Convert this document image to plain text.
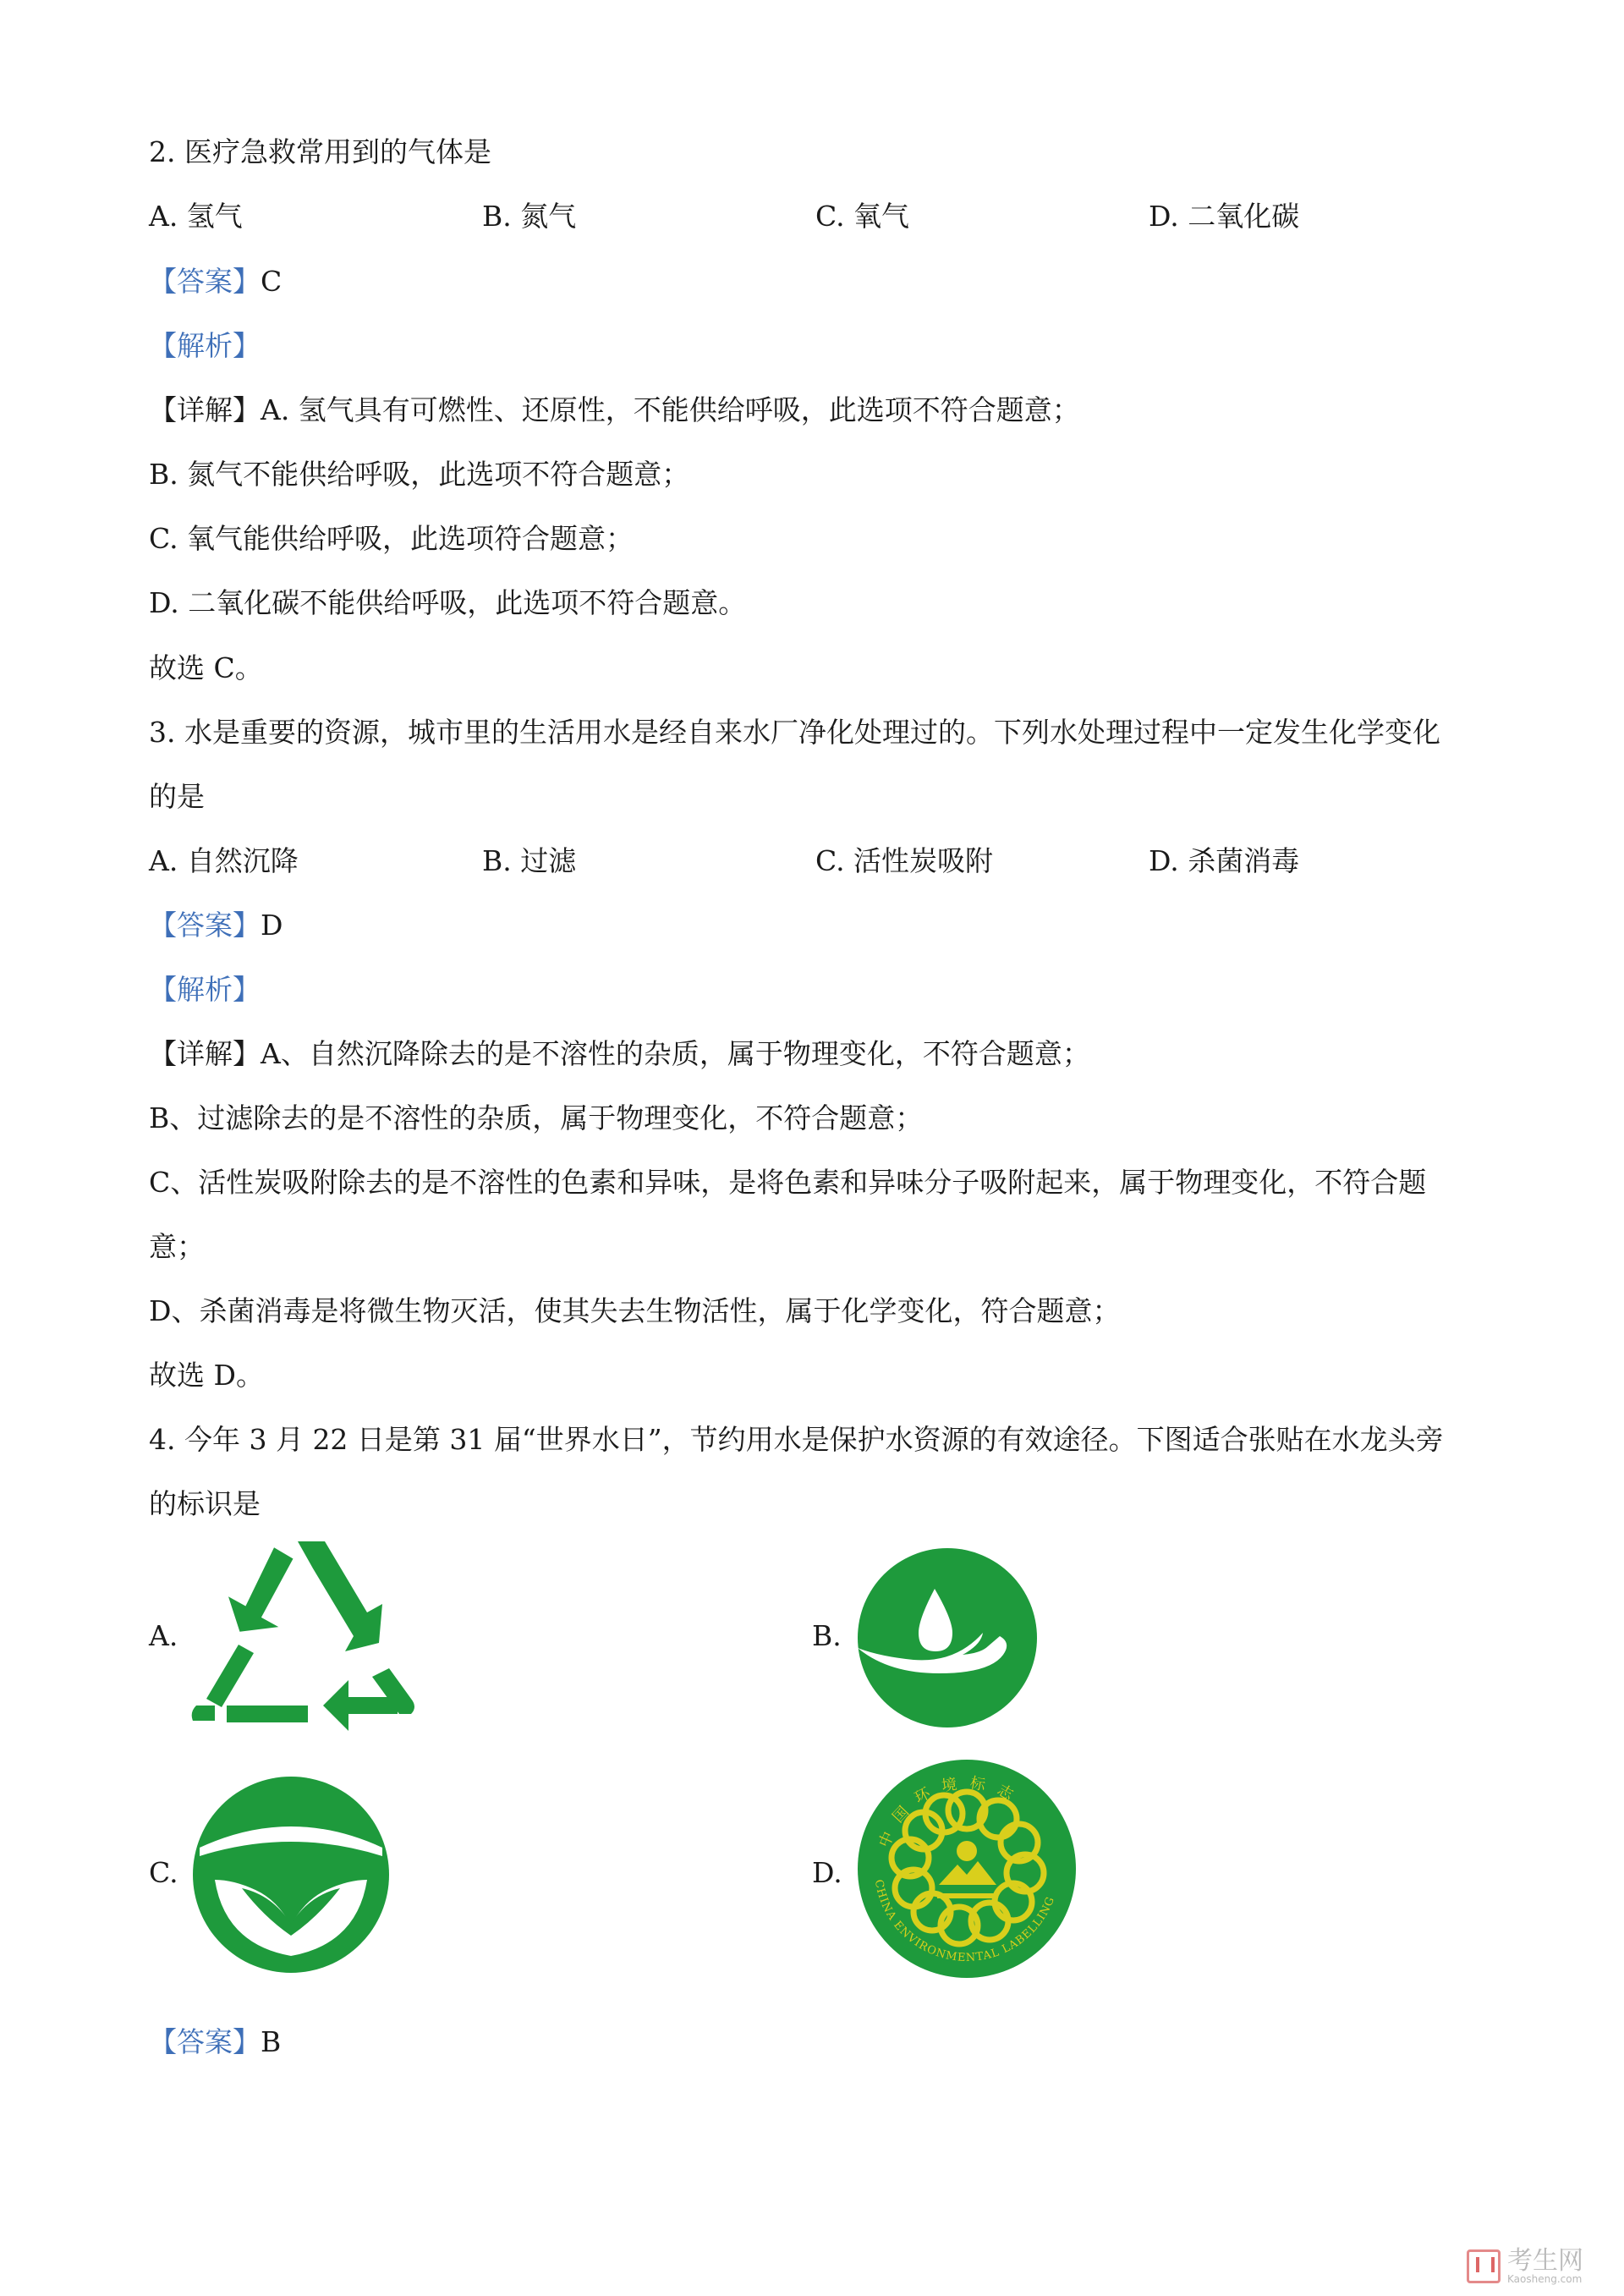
2. 医疗急救常用到的气体是
A. 氢气	B. 氮气	C. 氧气	D. 二氧化碳
【答案】C
【解析】
【详解】A. 氢气具有可燃性、还原性，不能供给呼吸，此选项不符合题意；
B. 氮气不能供给呼吸，此选项不符合题意；
C. 氧气能供给呼吸，此选项符合题意；
D. 二氧化碳不能供给呼吸，此选项不符合题意。
故选 C。
3. 水是重要的资源，城市里的生活用水是经自来水厂净化处理过的。下列水处理过程中一定发生化学变化
的是
A. 自然沉降	B. 过滤	C. 活性炭吸附	D. 杀菌消毒
【答案】D
【解析】
【详解】A、自然沉降除去的是不溶性的杂质，属于物理变化，不符合题意；
B、过滤除去的是不溶性的杂质，属于物理变化，不符合题意；
C、活性炭吸附除去的是不溶性的色素和异味，是将色素和异味分子吸附起来，属于物理变化，不符合题
意；
D、杀菌消毒是将微生物灭活，使其失去生物活性，属于化学变化，符合题意；
故选 D。
4. 今年 3 月 22 日是第 31 届“世界水日”，节约用水是保护水资源的有效途径。下图适合张贴在水龙头旁
的标识是
A.	B.
C.	D.
中国环境标志
CHINA ENVIRONMENTAL LABELLING
【答案】B
考生网
Kaosheng.com
